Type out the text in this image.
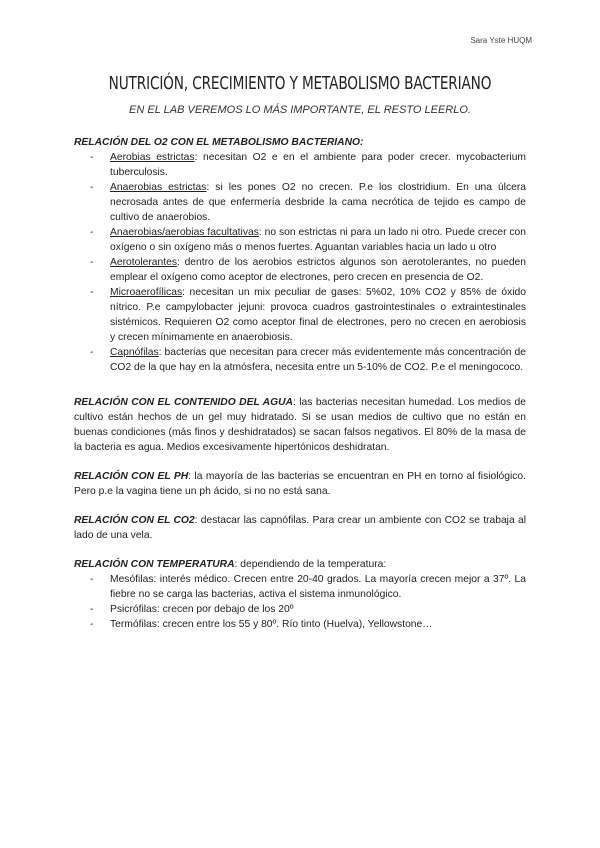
Sara Yste HUQM
NUTRICIÓN, CRECIMIENTO Y METABOLISMO BACTERIANO
EN EL LAB VEREMOS LO MÁS IMPORTANTE, EL RESTO LEERLO.
RELACIÓN DEL O2 CON EL METABOLISMO BACTERIANO:
- Aerobias estrictas: necesitan O2 e en el ambiente para poder crecer. mycobacterium tuberculosis.
- Anaerobias estrictas: si les pones O2 no crecen. P.e los clostridium. En una úlcera necrosada antes de que enfermería desbride la cama necrótica de tejido es campo de cultivo de anaerobios.
- Anaerobias/aerobias facultativas: no son estrictas ni para un lado ni otro. Puede crecer con oxígeno o sin oxígeno más o menos fuertes. Aguantan variables hacia un lado u otro
- Aerotolerantes: dentro de los aerobios estrictos algunos son aerotolerantes, no pueden emplear el oxígeno como aceptor de electrones, pero crecen en presencia de O2.
- Microaerofílicas: necesitan un mix peculiar de gases: 5%02, 10% CO2 y 85% de óxido nítrico. P.e campylobacter jejuni: provoca cuadros gastrointestinales o extraintestinales sistémicos. Requieren O2 como aceptor final de electrones, pero no crecen en aerobiosis y crecen mínimamente en anaerobiosis.
- Capnófilas: bacterias que necesitan para crecer más evidentemente más concentración de CO2 de la que hay en la atmósfera, necesita entre un 5-10% de CO2. P.e el meningococo.

RELACIÓN CON EL CONTENIDO DEL AGUA: las bacterias necesitan humedad. Los medios de cultivo están hechos de un gel muy hidratado. Si se usan medios de cultivo que no están en buenas condiciones (más finos y deshidratados) se sacan falsos negativos. El 80% de la masa de la bacteria es agua. Medios excesivamente hipertónicos deshidratan.

RELACIÓN CON EL PH: la mayoría de las bacterias se encuentran en PH en torno al fisiológico. Pero p.e la vagina tiene un ph ácido, si no no está sana.

RELACIÓN CON EL CO2: destacar las capnófilas. Para crear un ambiente con CO2 se trabaja al lado de una vela.

RELACIÓN CON TEMPERATURA: dependiendo de la temperatura:

- Mesófilas: interés médico. Crecen entre 20-40 grados. La mayoría crecen mejor a 37º. La fiebre no se carga las bacterias, activa el sistema inmunológico.
- Psicrófilas: crecen por debajo de los 20º
- Termófilas: crecen entre los 55 y 80º. Río tinto (Huelva), Yellowstone…
